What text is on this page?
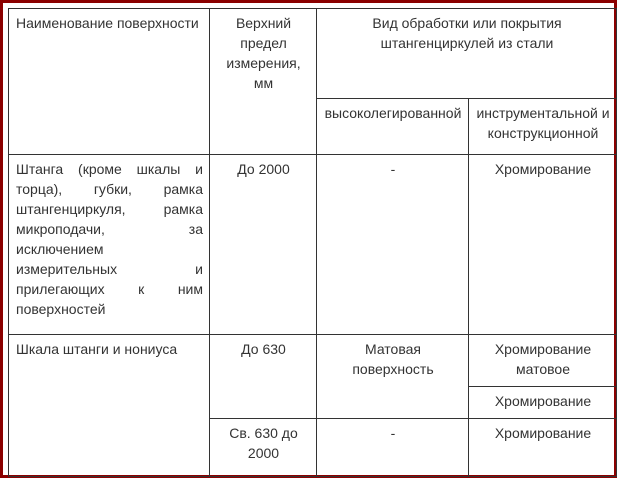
Наименование поверхности	Верхний предел измерения, мм	Вид обработки или покрытия штангенциркулей из стали	
		высоколегированной	инструментальной и конструкционной
Штанга (кроме шкалы и торца), губки, рамка штангенциркуля, рамка микроподачи, за исключением измерительных и прилегающих к ним поверхностей	До 2000	-	Хромирование
Шкала штанги и нониуса	До 630	Матовая поверхность	Хромирование матовое
			Хромирование
	Св. 630 до 2000	-	Хромирование
